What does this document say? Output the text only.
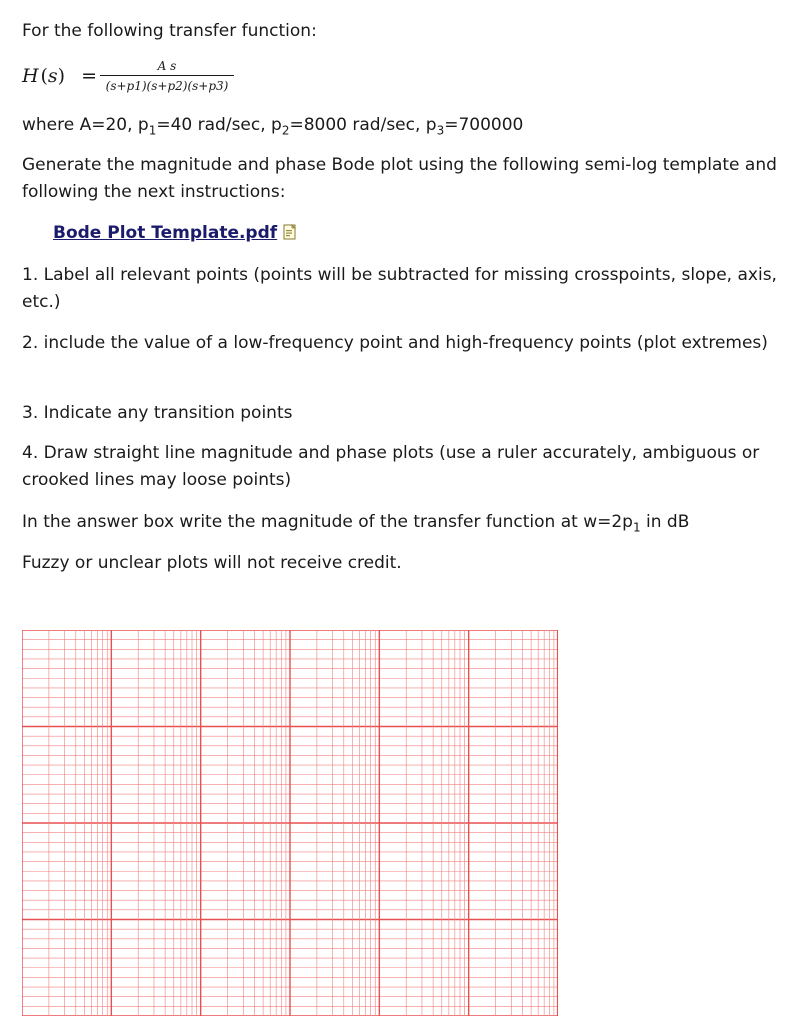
For the following transfer function:
H (s) =	A s
(s+p1)(s+p2)(s+p3)
where A=20, $p_1=40$ rad/sec, $p_2=8000$ rad/sec, $p_3=700000$
Generate the magnitude and phase Bode plot using the following semi-log template and following the next instructions:
Bode Plot Template.pdf
1. Label all relevant points (points will be subtracted for missing crosspoints, slope, axis, etc.)
2. include the value of a low-frequency point and high-frequency points (plot extremes)
3. Indicate any transition points
4. Draw straight line magnitude and phase plots (use a ruler accurately, ambiguous or crooked lines may loose points)
In the answer box write the magnitude of the transfer function at $w=2p_1$ in dB
Fuzzy or unclear plots will not receive credit.
